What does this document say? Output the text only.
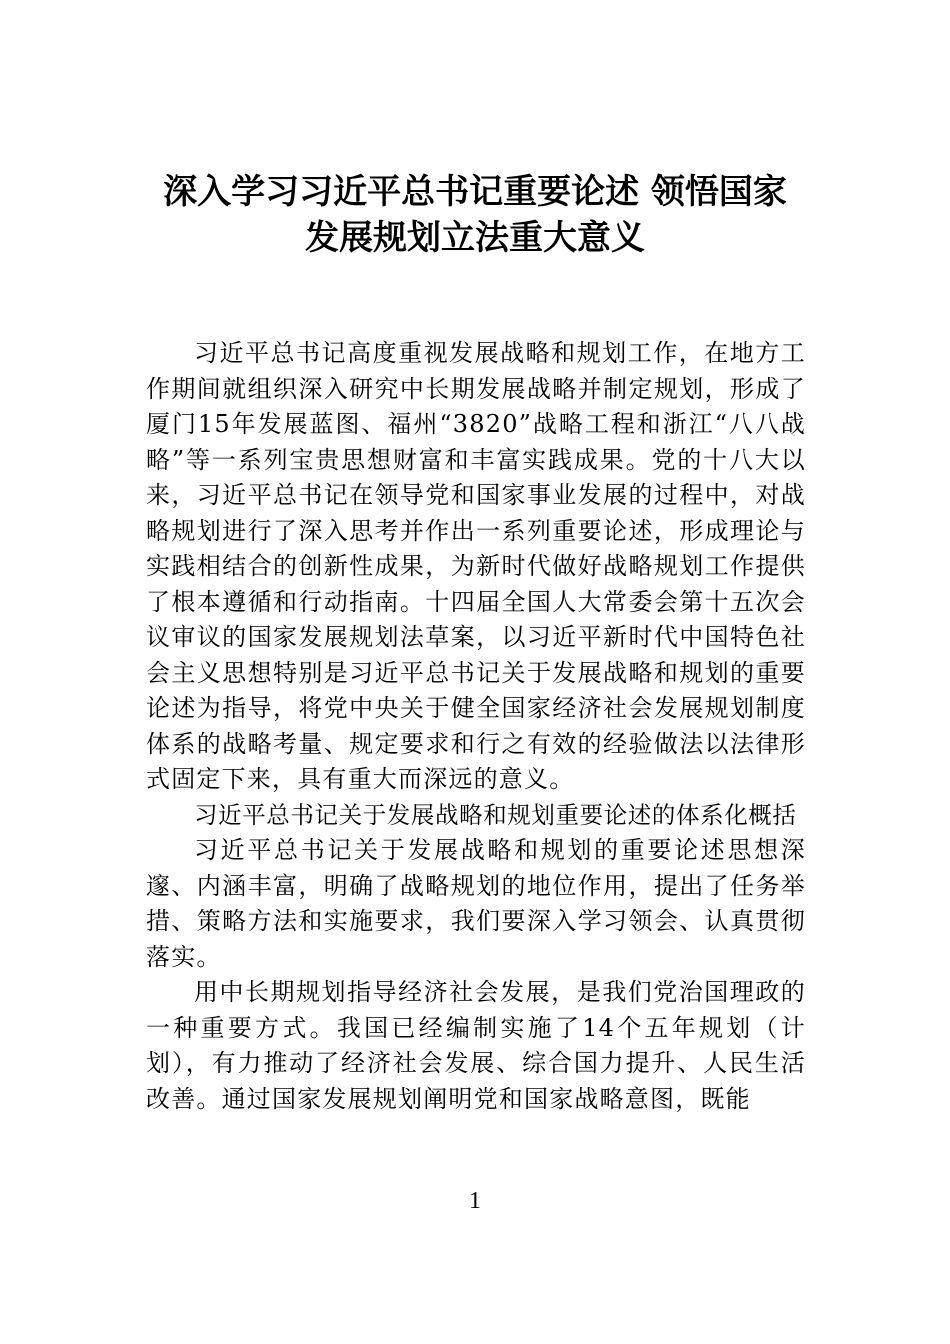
深入学习习近平总书记重要论述 领悟国家
发展规划立法重大意义

习近平总书记高度重视发展战略和规划工作，在地方工作期间就组织深入研究中长期发展战略并制定规划，形成了厦门15年发展蓝图、福州“3820”战略工程和浙江“八八战略”等一系列宝贵思想财富和丰富实践成果。党的十八大以来，习近平总书记在领导党和国家事业发展的过程中，对战略规划进行了深入思考并作出一系列重要论述，形成理论与实践相结合的创新性成果，为新时代做好战略规划工作提供了根本遵循和行动指南。十四届全国人大常委会第十五次会议审议的国家发展规划法草案，以习近平新时代中国特色社会主义思想特别是习近平总书记关于发展战略和规划的重要论述为指导，将党中央关于健全国家经济社会发展规划制度体系的战略考量、规定要求和行之有效的经验做法以法律形式固定下来，具有重大而深远的意义。

习近平总书记关于发展战略和规划重要论述的体系化概括

习近平总书记关于发展战略和规划的重要论述思想深邃、内涵丰富，明确了战略规划的地位作用，提出了任务举措、策略方法和实施要求，我们要深入学习领会、认真贯彻落实。

用中长期规划指导经济社会发展，是我们党治国理政的一种重要方式。我国已经编制实施了14个五年规划（计划），有力推动了经济社会发展、综合国力提升、人民生活改善。通过国家发展规划阐明党和国家战略意图，既能

1
